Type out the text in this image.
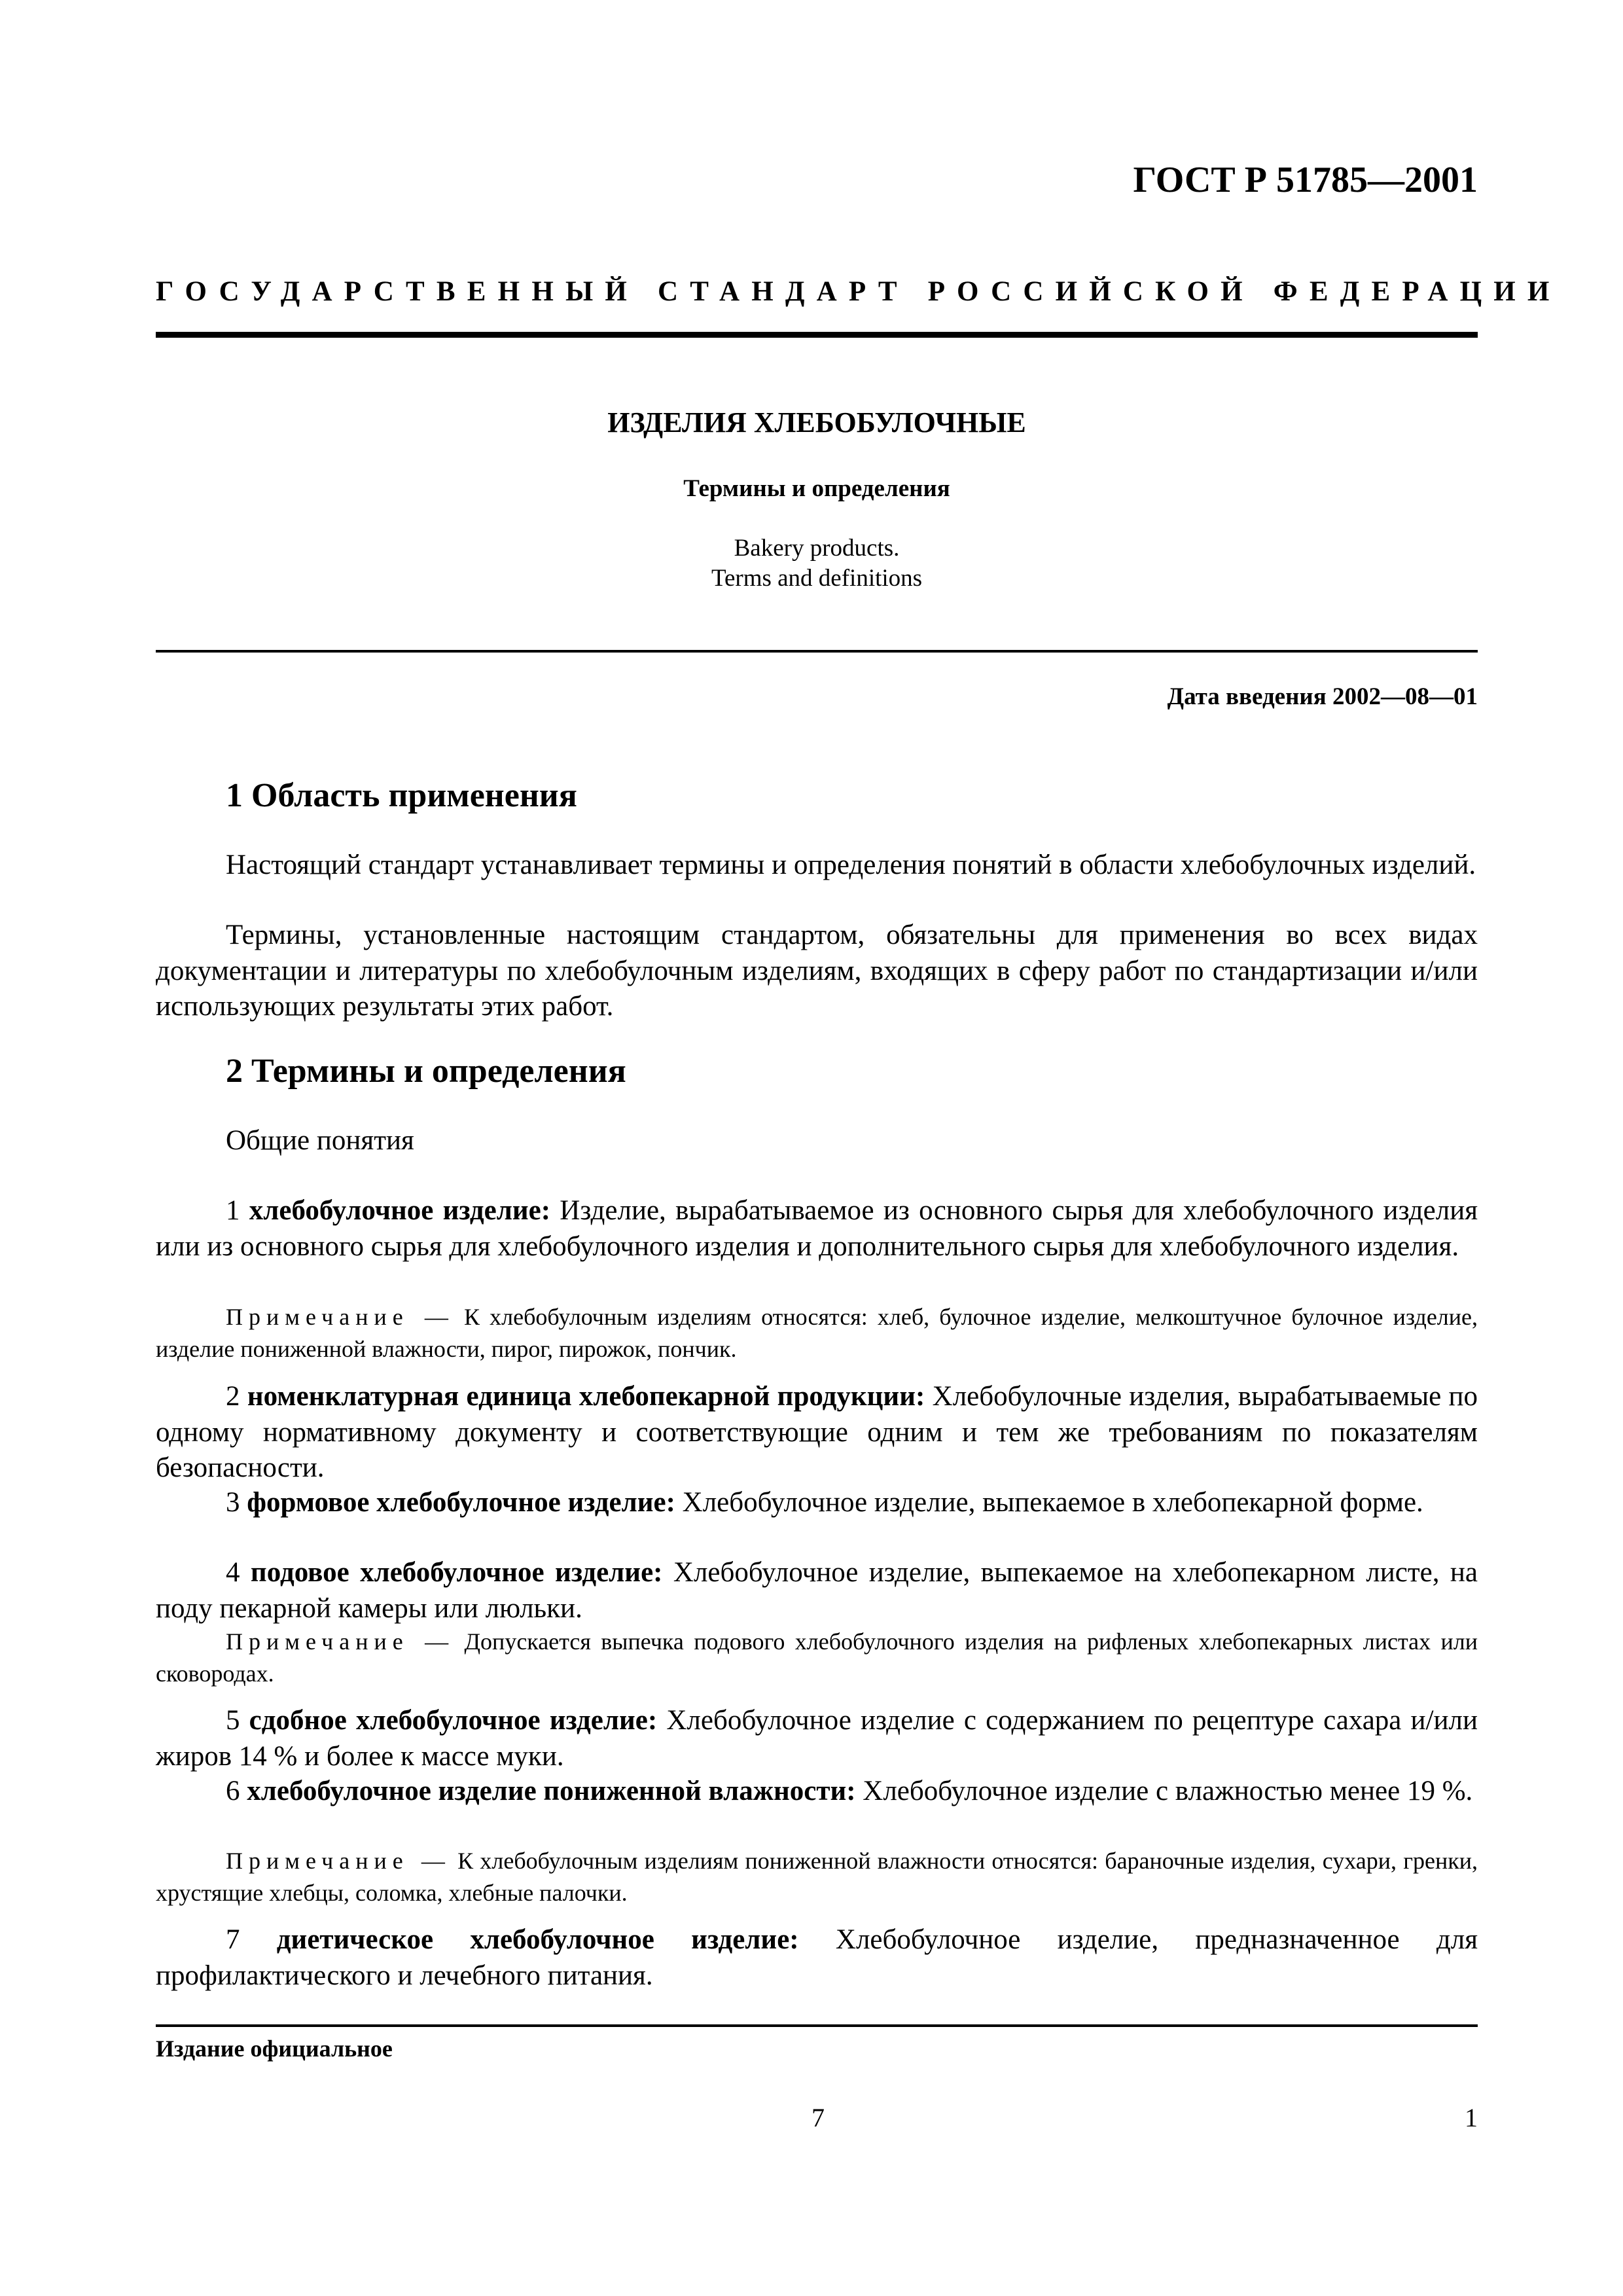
ГОСТ Р 51785—2001
ГОСУДАРСТВЕННЫЙ СТАНДАРТ РОССИЙСКОЙ ФЕДЕРАЦИИ
ИЗДЕЛИЯ ХЛЕБОБУЛОЧНЫЕ
Термины и определения
Bakery products.
Terms and definitions
Дата введения 2002—08—01
1 Область применения
Настоящий стандарт устанавливает термины и определения понятий в области хлебобулочных изделий.
Термины, установленные настоящим стандартом, обязательны для применения во всех видах документации и литературы по хлебобулочным изделиям, входящих в сферу работ по стандартизации и/или использующих результаты этих работ.
2 Термины и определения
Общие понятия
1 хлебобулочное изделие: Изделие, вырабатываемое из основного сырья для хлебобулочного изделия или из основного сырья для хлебобулочного изделия и дополнительного сырья для хлебобулочного изделия.
Примечание — К хлебобулочным изделиям относятся: хлеб, булочное изделие, мелкоштучное булочное изделие, изделие пониженной влажности, пирог, пирожок, пончик.
2 номенклатурная единица хлебопекарной продукции: Хлебобулочные изделия, вырабатываемые по одному нормативному документу и соответствующие одним и тем же требованиям по показателям безопасности.
3 формовое хлебобулочное изделие: Хлебобулочное изделие, выпекаемое в хлебопекарной форме.
4 подовое хлебобулочное изделие: Хлебобулочное изделие, выпекаемое на хлебопекарном листе, на поду пекарной камеры или люльки.
Примечание — Допускается выпечка подового хлебобулочного изделия на рифленых хлебопекарных листах или сковородах.
5 сдобное хлебобулочное изделие: Хлебобулочное изделие с содержанием по рецептуре сахара и/или жиров 14 % и более к массе муки.
6 хлебобулочное изделие пониженной влажности: Хлебобулочное изделие с влажностью менее 19 %.
Примечание — К хлебобулочным изделиям пониженной влажности относятся: бараночные изделия, сухари, гренки, хрустящие хлебцы, соломка, хлебные палочки.
7 диетическое хлебобулочное изделие: Хлебобулочное изделие, предназначенное для профилактического и лечебного питания.
Издание официальное
7	1
